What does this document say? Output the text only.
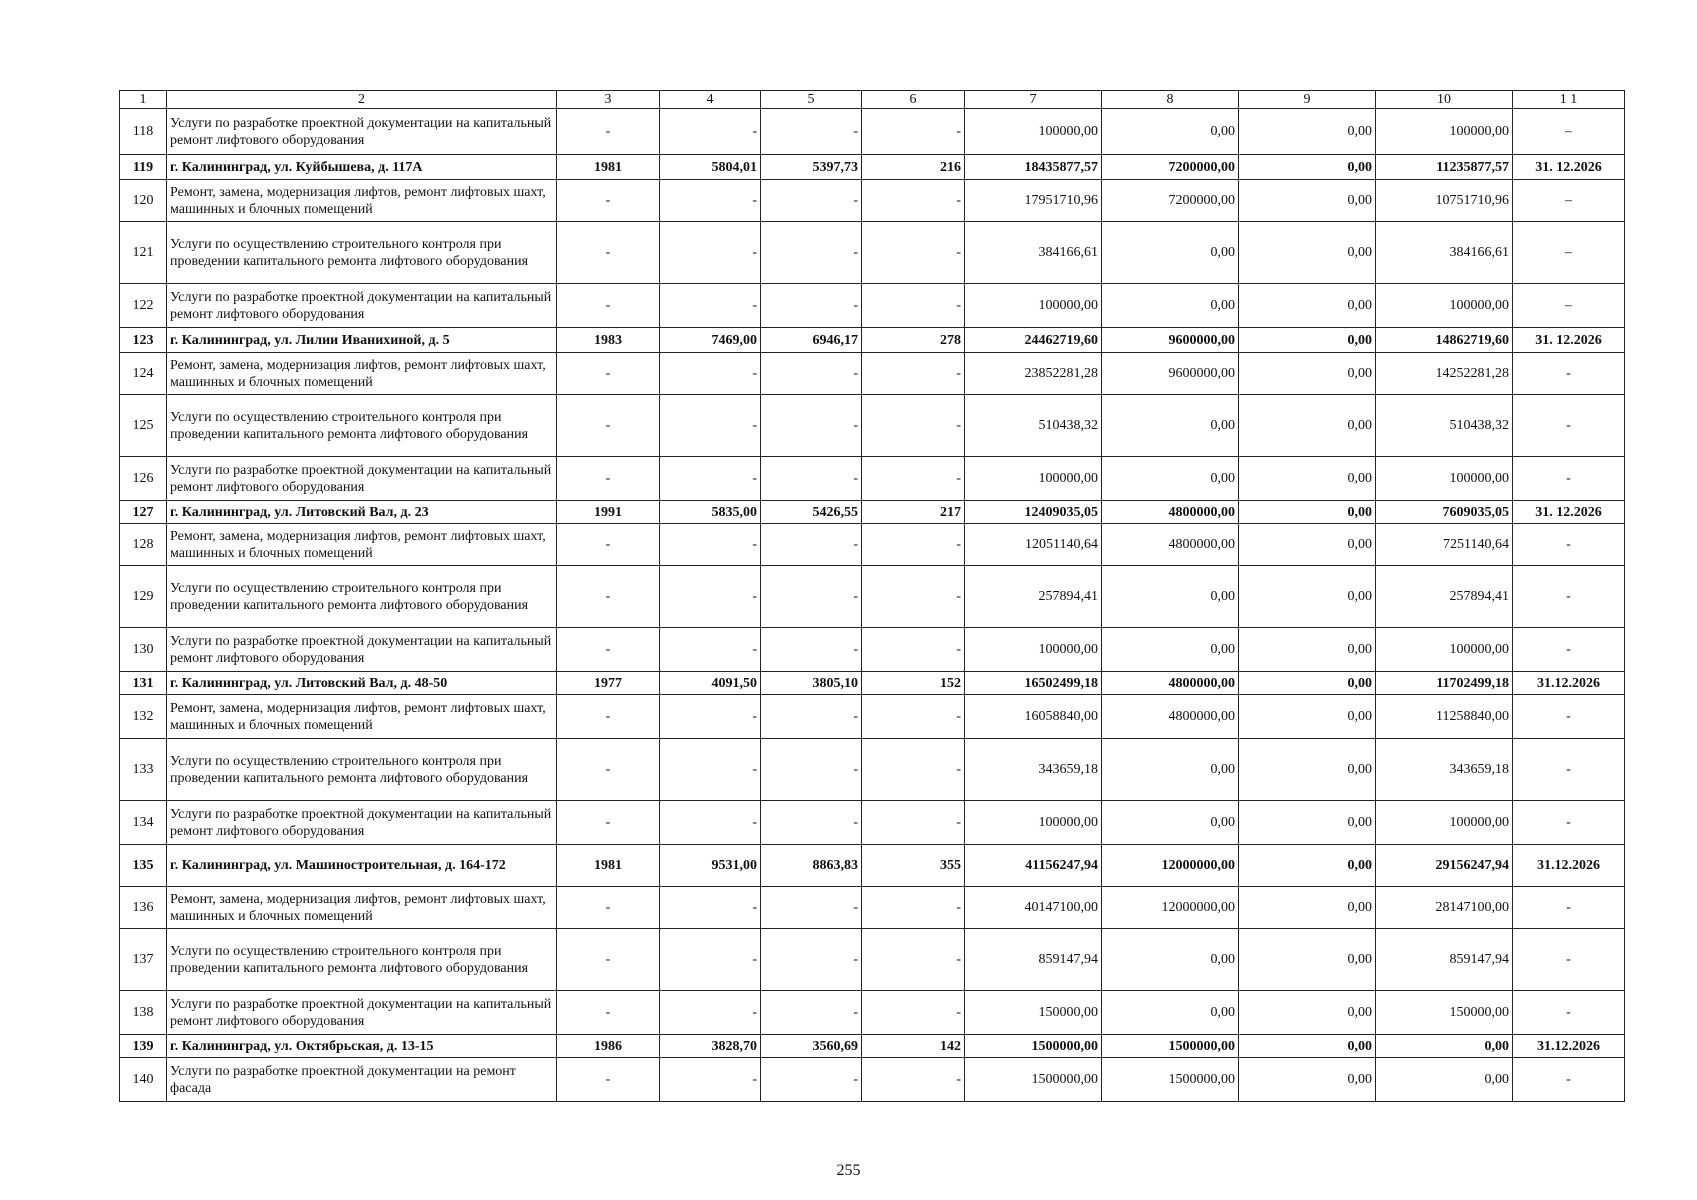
1	2	3	4	5	6	7	8	9	10	1 1
118	Услуги по разработке проектной документации на капитальный ремонт лифтового оборудования	-	-	-	-	100000,00	0,00	0,00	100000,00	–
119	г. Калининград, ул. Куйбышева, д. 117А	1981	5804,01	5397,73	216	18435877,57	7200000,00	0,00	11235877,57	31. 12.2026
120	Ремонт, замена, модернизация лифтов, ремонт лифтовых шахт, машинных и блочных помещений	-	-	-	-	17951710,96	7200000,00	0,00	10751710,96	–
121	Услуги по осуществлению строительного контроля при проведении капитального ремонта лифтового оборудования	-	-	-	-	384166,61	0,00	0,00	384166,61	–
122	Услуги по разработке проектной документации на капитальный ремонт лифтового оборудования	-	-	-	-	100000,00	0,00	0,00	100000,00	–
123	г. Калининград, ул. Лилии Иванихиной, д. 5	1983	7469,00	6946,17	278	24462719,60	9600000,00	0,00	14862719,60	31. 12.2026
124	Ремонт, замена, модернизация лифтов, ремонт лифтовых шахт, машинных и блочных помещений	-	-	-	-	23852281,28	9600000,00	0,00	14252281,28	-
125	Услуги по осуществлению строительного контроля при проведении капитального ремонта лифтового оборудования	-	-	-	-	510438,32	0,00	0,00	510438,32	-
126	Услуги по разработке проектной документации на капитальный ремонт лифтового оборудования	-	-	-	-	100000,00	0,00	0,00	100000,00	-
127	г. Калининград, ул. Литовский Вал, д. 23	1991	5835,00	5426,55	217	12409035,05	4800000,00	0,00	7609035,05	31. 12.2026
128	Ремонт, замена, модернизация лифтов, ремонт лифтовых шахт, машинных и блочных помещений	-	-	-	-	12051140,64	4800000,00	0,00	7251140,64	-
129	Услуги по осуществлению строительного контроля при проведении капитального ремонта лифтового оборудования	-	-	-	-	257894,41	0,00	0,00	257894,41	-
130	Услуги по разработке проектной документации на капитальный ремонт лифтового оборудования	-	-	-	-	100000,00	0,00	0,00	100000,00	-
131	г. Калининград, ул. Литовский Вал, д. 48-50	1977	4091,50	3805,10	152	16502499,18	4800000,00	0,00	11702499,18	31.12.2026
132	Ремонт, замена, модернизация лифтов, ремонт лифтовых шахт, машинных и блочных помещений	-	-	-	-	16058840,00	4800000,00	0,00	11258840,00	-
133	Услуги по осуществлению строительного контроля при проведении капитального ремонта лифтового оборудования	-	-	-	-	343659,18	0,00	0,00	343659,18	-
134	Услуги по разработке проектной документации на капитальный ремонт лифтового оборудования	-	-	-	-	100000,00	0,00	0,00	100000,00	-
135	г. Калининград, ул. Машиностроительная, д. 164-172	1981	9531,00	8863,83	355	41156247,94	12000000,00	0,00	29156247,94	31.12.2026
136	Ремонт, замена, модернизация лифтов, ремонт лифтовых шахт, машинных и блочных помещений	-	-	-	-	40147100,00	12000000,00	0,00	28147100,00	-
137	Услуги по осуществлению строительного контроля при проведении капитального ремонта лифтового оборудования	-	-	-	-	859147,94	0,00	0,00	859147,94	-
138	Услуги по разработке проектной документации на капитальный ремонт лифтового оборудования	-	-	-	-	150000,00	0,00	0,00	150000,00	-
139	г. Калининград, ул. Октябрьская, д. 13-15	1986	3828,70	3560,69	142	1500000,00	1500000,00	0,00	0,00	31.12.2026
140	Услуги по разработке проектной документации на ремонт фасада	-	-	-	-	1500000,00	1500000,00	0,00	0,00	-
255
